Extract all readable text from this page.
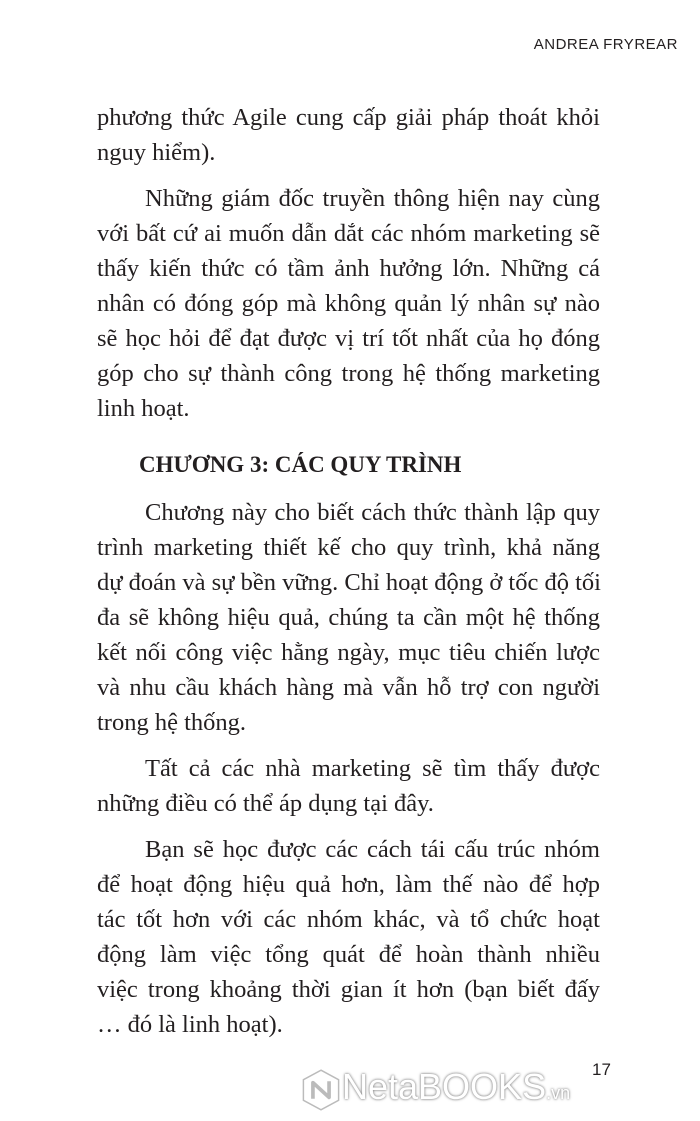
ANDREA FRYREAR
phương thức Agile cung cấp giải pháp thoát khỏi
nguy hiểm).
Những giám đốc truyền thông hiện nay cùng
với bất cứ ai muốn dẫn dắt các nhóm marketing sẽ
thấy kiến thức có tầm ảnh hưởng lớn. Những cá
nhân có đóng góp mà không quản lý nhân sự nào
sẽ học hỏi để đạt được vị trí tốt nhất của họ đóng
góp cho sự thành công trong hệ thống marketing
linh hoạt.
CHƯƠNG 3: CÁC QUY TRÌNH
Chương này cho biết cách thức thành lập quy
trình marketing thiết kế cho quy trình, khả năng
dự đoán và sự bền vững. Chỉ hoạt động ở tốc độ tối
đa sẽ không hiệu quả, chúng ta cần một hệ thống
kết nối công việc hằng ngày, mục tiêu chiến lược
và nhu cầu khách hàng mà vẫn hỗ trợ con người
trong hệ thống.
Tất cả các nhà marketing sẽ tìm thấy được
những điều có thể áp dụng tại đây.
Bạn sẽ học được các cách tái cấu trúc nhóm
để hoạt động hiệu quả hơn, làm thế nào để hợp
tác tốt hơn với các nhóm khác, và tổ chức hoạt
động làm việc tổng quát để hoàn thành nhiều
việc trong khoảng thời gian ít hơn (bạn biết đấy
… đó là linh hoạt).
NetaBOOKS.vn
17
